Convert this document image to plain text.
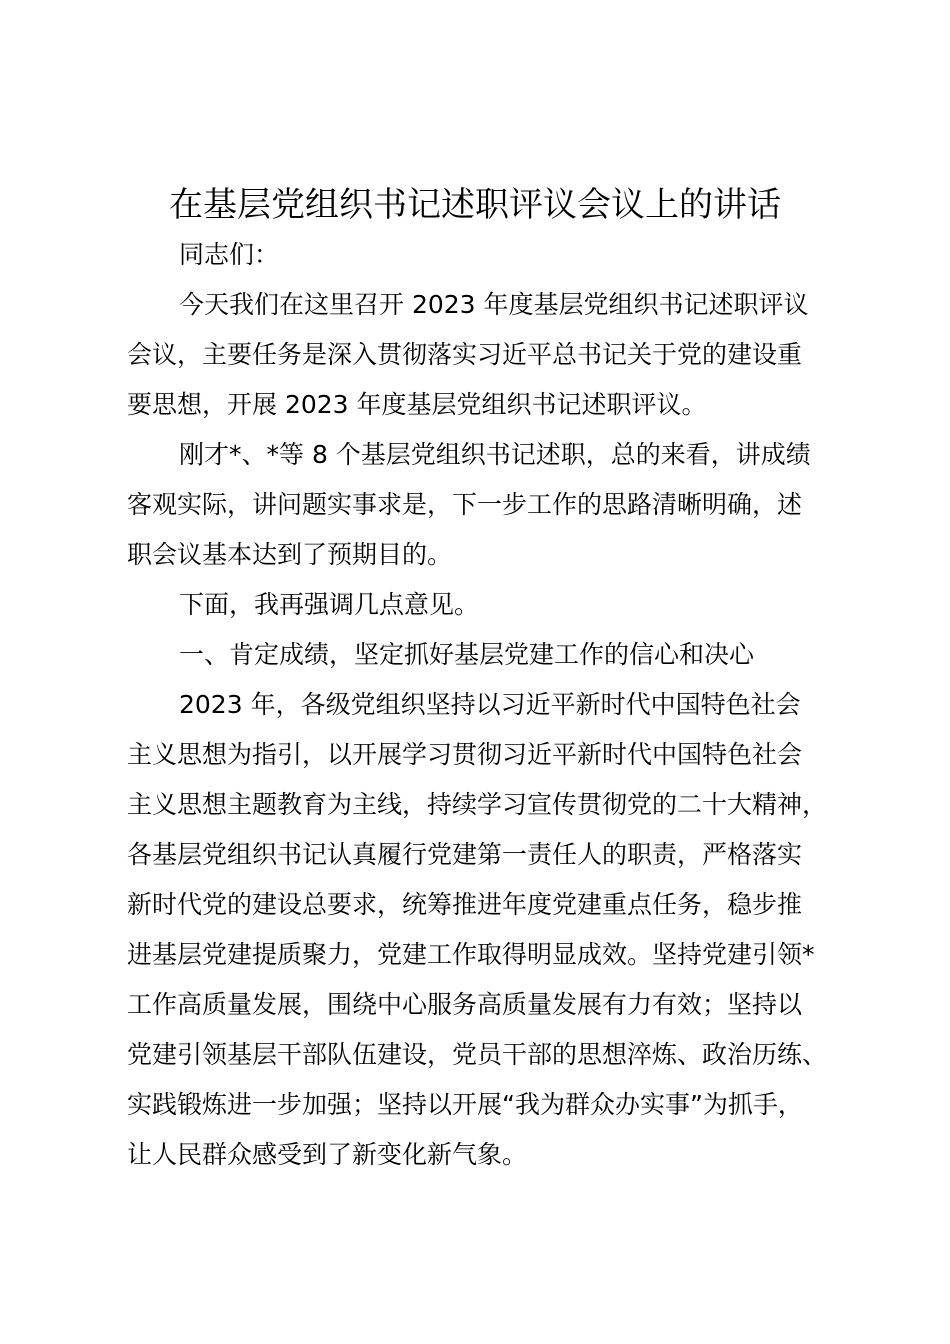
在基层党组织书记述职评议会议上的讲话

同志们：

今天我们在这里召开 2023 年度基层党组织书记述职评议

会议，主要任务是深入贯彻落实习近平总书记关于党的建设重

要思想，开展 2023 年度基层党组织书记述职评议。

刚才*、*等 8 个基层党组织书记述职，总的来看，讲成绩

客观实际，讲问题实事求是，下一步工作的思路清晰明确，述

职会议基本达到了预期目的。

下面，我再强调几点意见。

一、肯定成绩，坚定抓好基层党建工作的信心和决心

2023 年，各级党组织坚持以习近平新时代中国特色社会

主义思想为指引，以开展学习贯彻习近平新时代中国特色社会

主义思想主题教育为主线，持续学习宣传贯彻党的二十大精神，

各基层党组织书记认真履行党建第一责任人的职责，严格落实

新时代党的建设总要求，统筹推进年度党建重点任务，稳步推

进基层党建提质聚力，党建工作取得明显成效。坚持党建引领*

工作高质量发展，围绕中心服务高质量发展有力有效；坚持以

党建引领基层干部队伍建设，党员干部的思想淬炼、政治历练、

实践锻炼进一步加强；坚持以开展“我为群众办实事”为抓手，

让人民群众感受到了新变化新气象。
